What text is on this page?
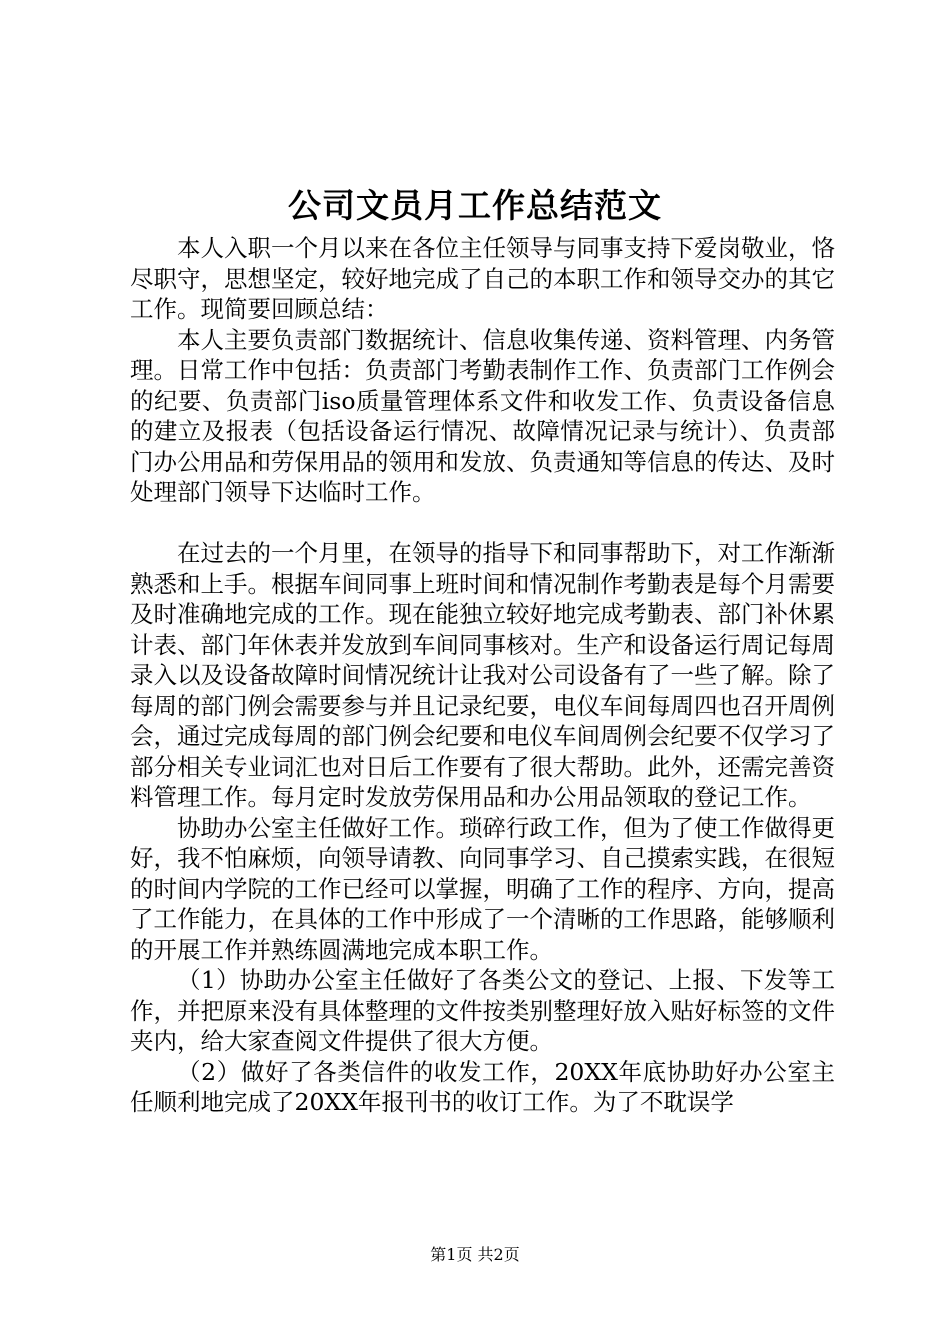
公司文员月工作总结范文

本人入职一个月以来在各位主任领导与同事支持下爱岗敬业，恪尽职守，思想坚定，较好地完成了自己的本职工作和领导交办的其它工作。现简要回顾总结：

本人主要负责部门数据统计、信息收集传递、资料管理、内务管理。日常工作中包括：负责部门考勤表制作工作、负责部门工作例会的纪要、负责部门iso质量管理体系文件和收发工作、负责设备信息的建立及报表（包括设备运行情况、故障情况记录与统计）、负责部门办公用品和劳保用品的领用和发放、负责通知等信息的传达、及时处理部门领导下达临时工作。

在过去的一个月里，在领导的指导下和同事帮助下，对工作渐渐熟悉和上手。根据车间同事上班时间和情况制作考勤表是每个月需要及时准确地完成的工作。现在能独立较好地完成考勤表、部门补休累计表、部门年休表并发放到车间同事核对。生产和设备运行周记每周录入以及设备故障时间情况统计让我对公司设备有了一些了解。除了每周的部门例会需要参与并且记录纪要，电仪车间每周四也召开周例会，通过完成每周的部门例会纪要和电仪车间周例会纪要不仅学习了部分相关专业词汇也对日后工作要有了很大帮助。此外，还需完善资料管理工作。每月定时发放劳保用品和办公用品领取的登记工作。

协助办公室主任做好工作。琐碎行政工作，但为了使工作做得更好，我不怕麻烦，向领导请教、向同事学习、自己摸索实践，在很短的时间内学院的工作已经可以掌握，明确了工作的程序、方向，提高了工作能力，在具体的工作中形成了一个清晰的工作思路，能够顺利的开展工作并熟练圆满地完成本职工作。

（1）协助办公室主任做好了各类公文的登记、上报、下发等工作，并把原来没有具体整理的文件按类别整理好放入贴好标签的文件夹内，给大家查阅文件提供了很大方便。

（2）做好了各类信件的收发工作，20XX年底协助好办公室主任顺利地完成了20XX年报刊书的收订工作。为了不耽误学

第1页 共2页
